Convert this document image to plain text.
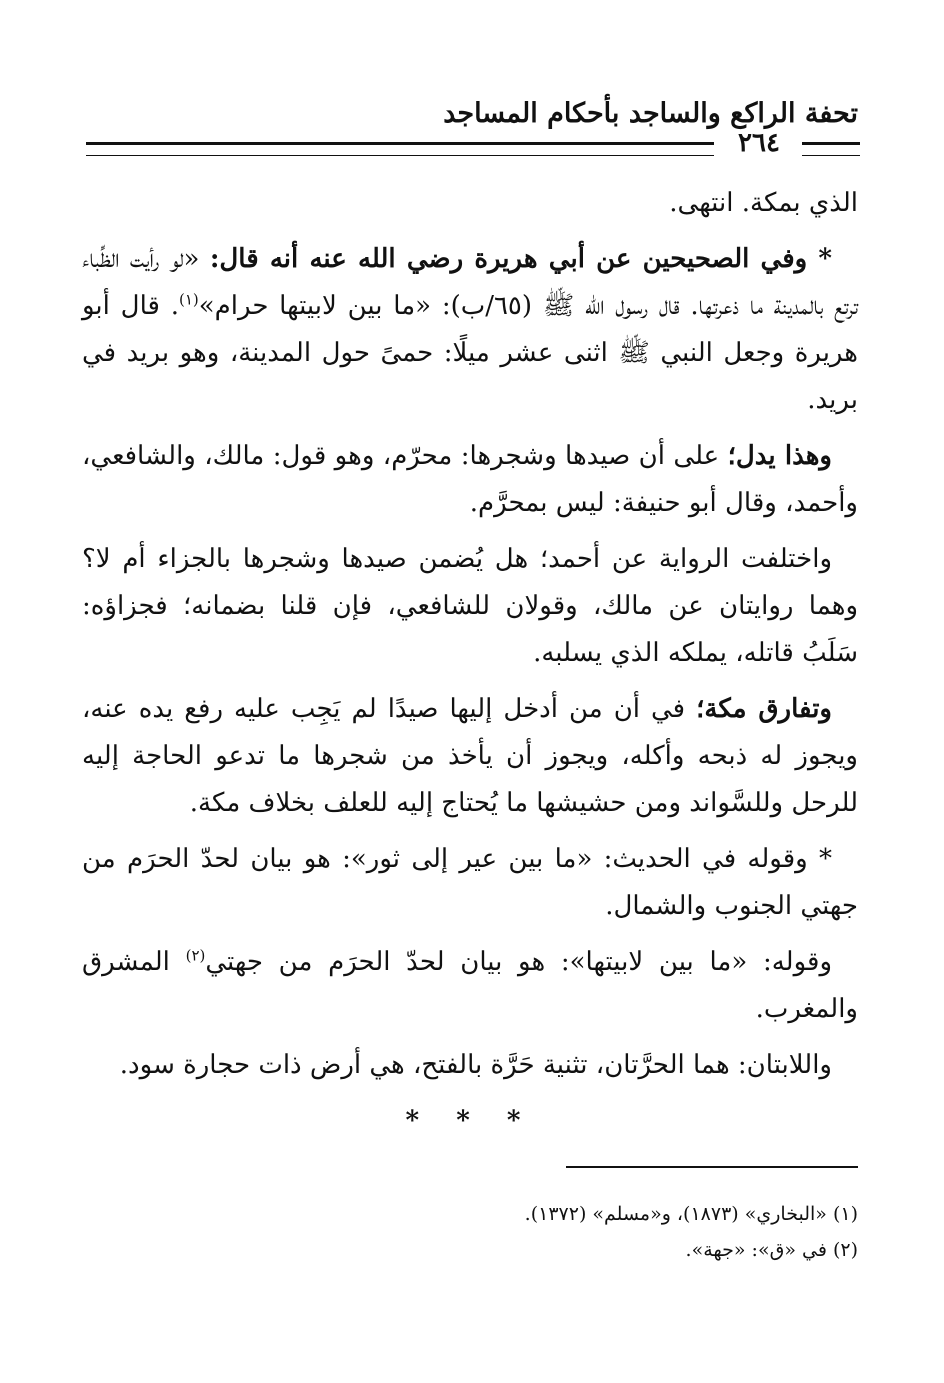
تحفة الراكع والساجد بأحكام المساجد
٢٦٤

الذي بمكة. انتهى.

* وفي الصحيحين عن أبي هريرة رضي الله عنه أنه قال: «لو رأيت الظِّباء ترتع بالمدينة ما ذعرتها. قال رسول الله ﷺ (٦٥/ب): «ما بين لابيتها حرام»$^{(١)}$. قال أبو هريرة وجعل النبي ﷺ اثنى عشر ميلًا: حمىً حول المدينة، وهو بريد في بريد.

وهذا يدل؛ على أن صيدها وشجرها: محرّم، وهو قول: مالك، والشافعي، وأحمد، وقال أبو حنيفة: ليس بمحرَّم.

واختلفت الرواية عن أحمد؛ هل يُضمن صيدها وشجرها بالجزاء أم لا؟ وهما روايتان عن مالك، وقولان للشافعي، فإن قلنا بضمانه؛ فجزاؤه: سَلَبُ قاتله، يملكه الذي يسلبه.

وتفارق مكة؛ في أن من أدخل إليها صيدًا لم يَجِب عليه رفع يده عنه، ويجوز له ذبحه وأكله، ويجوز أن يأخذ من شجرها ما تدعو الحاجة إليه للرحل وللسَّواند ومن حشيشها ما يُحتاج إليه للعلف بخلاف مكة.

* وقوله في الحديث: «ما بين عير إلى ثور»: هو بيان لحدّ الحرَم من جهتي الجنوب والشمال.

وقوله: «ما بين لابيتها»: هو بيان لحدّ الحرَم من جهتي$^{(٢)}$ المشرق والمغرب.

واللابتان: هما الحرَّتان، تثنية حَرَّة بالفتح، هي أرض ذات حجارة سود.

* * *

(١) «البخاري» (١٨٧٣)، و«مسلم» (١٣٧٢).

(٢) في «ق»: «جهة».
